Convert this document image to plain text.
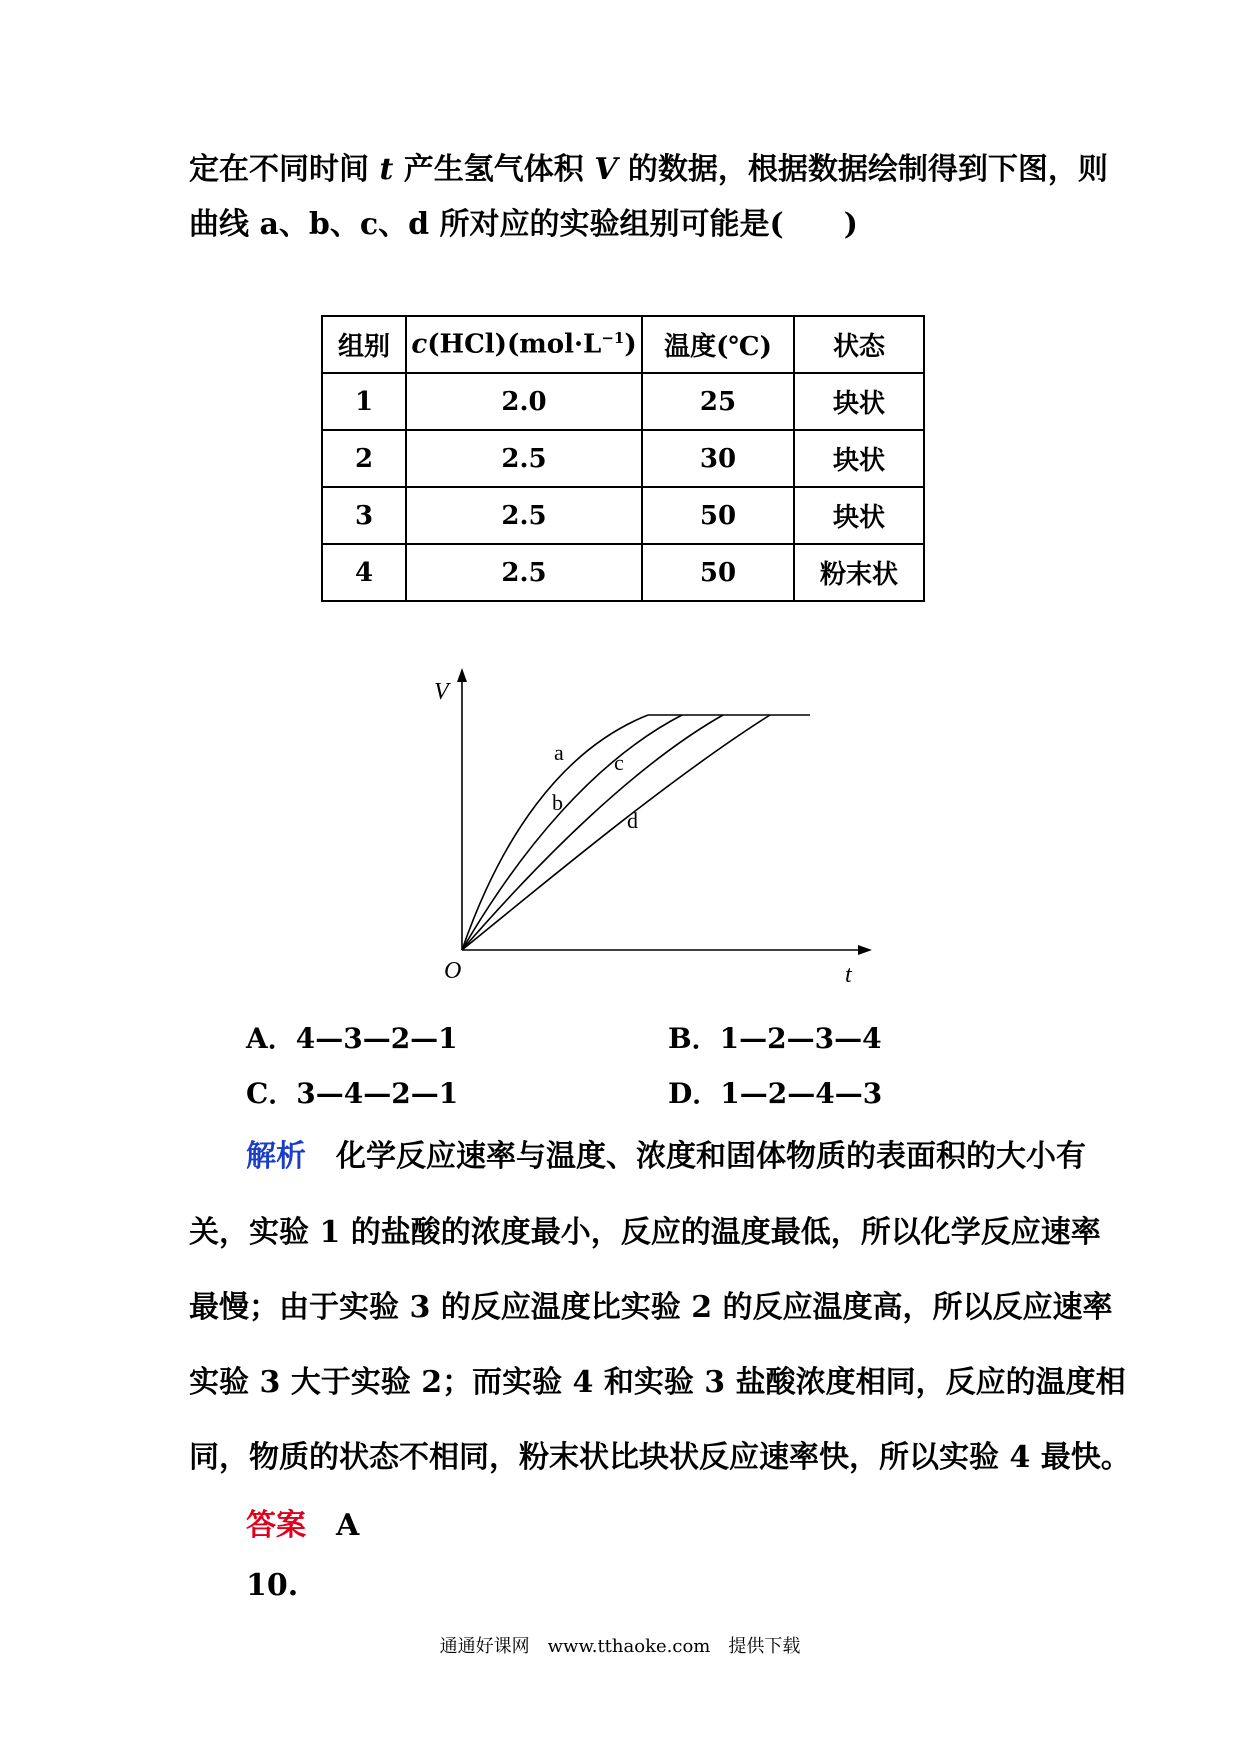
定在不同时间 t 产生氢气体积 V 的数据，根据数据绘制得到下图，则
曲线 a、b、c、d 所对应的实验组别可能是(　　)
组别	$c(HCl)(mol\cdot L^{-1})$	温度(℃)	状态
1	2.0	25	块状
2	2.5	30	块状
3	2.5	50	块状
4	2.5	50	粉末状
V
t
O
a
b
c
d
A．4—3—2—1	B．1—2—3—4
C．3—4—2—1	D．1—2—4—3
解析　 化学反应速率与温度、浓度和固体物质的表面积的大小有
关，实验 1 的盐酸的浓度最小，反应的温度最低，所以化学反应速率
最慢；由于实验 3 的反应温度比实验 2 的反应温度高，所以反应速率
实验 3 大于实验 2；而实验 4 和实验 3 盐酸浓度相同，反应的温度相
同，物质的状态不相同，粉末状比块状反应速率快，所以实验 4 最快。
答案　 A
10.
通通好课网　www.tthaoke.com　提供下载
